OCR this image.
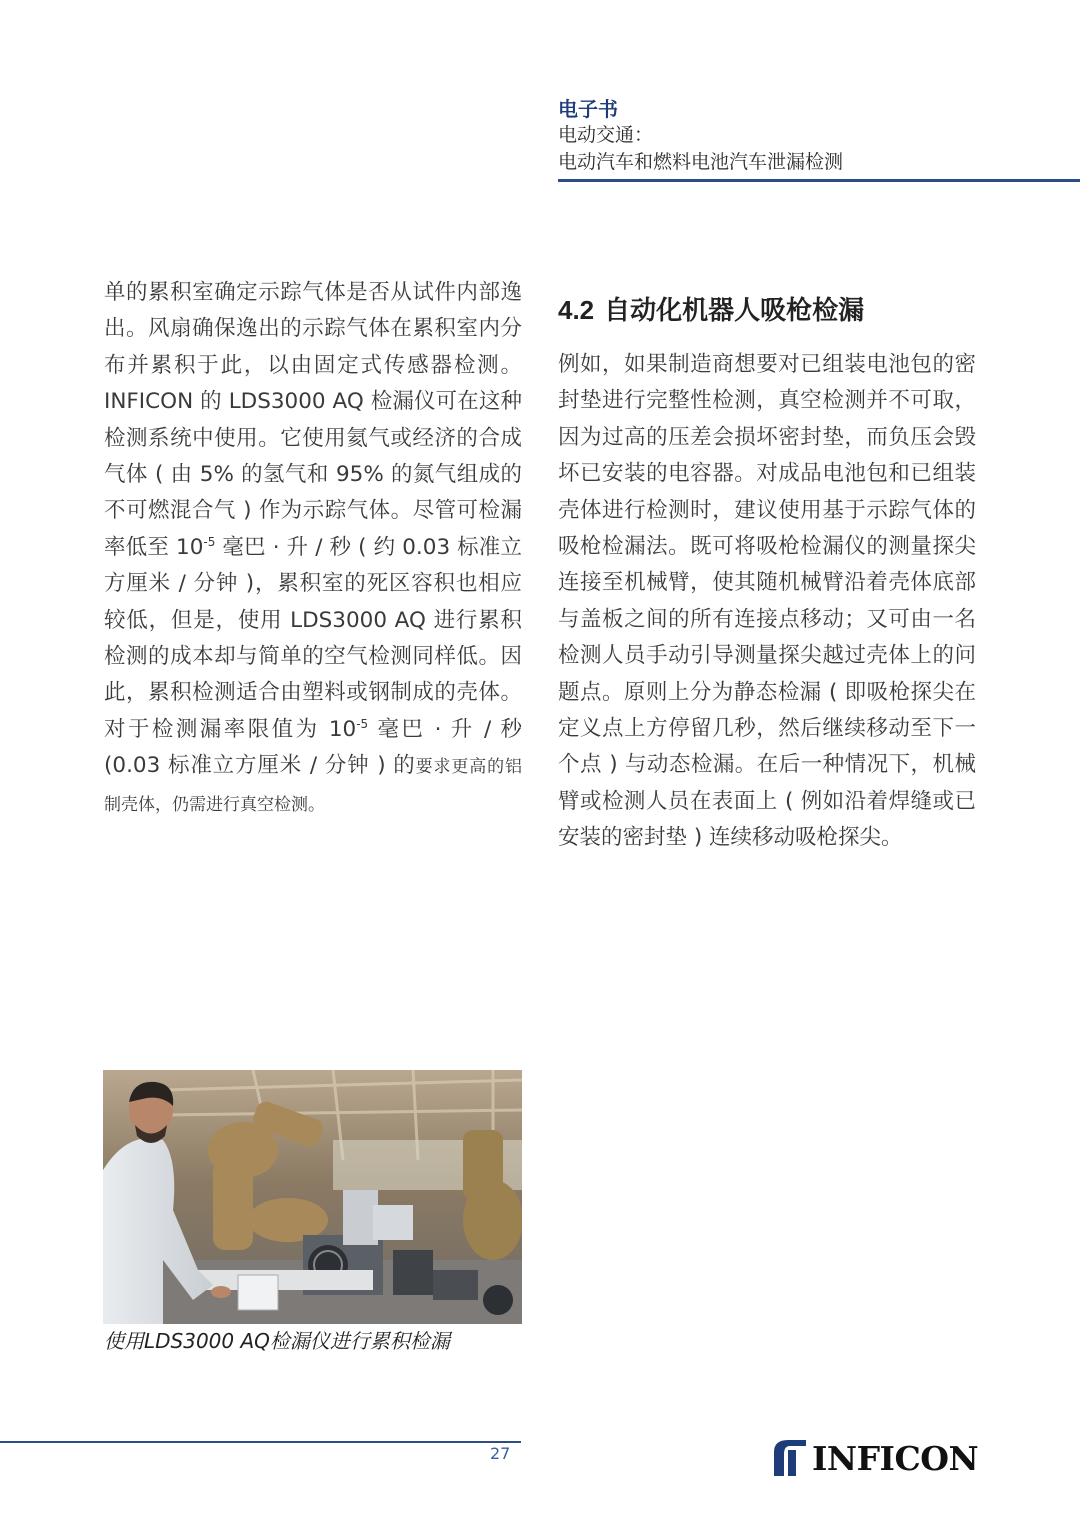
电子书
电动交通：
电动汽车和燃料电池汽车泄漏检测

单的累积室确定示踪气体是否从试件内部逸出。风扇确保逸出的示踪气体在累积室内分布并累积于此，以由固定式传感器检测。INFICON 的 LDS3000 AQ 检漏仪可在这种检测系统中使用。它使用氦气或经济的合成气体 ( 由 5% 的氢气和 95% 的氮气组成的不可燃混合气 ) 作为示踪气体。尽管可检漏率低至 $10^{-5}$ 毫巴 · 升 / 秒 ( 约 0.03 标准立方厘米 / 分钟 )，累积室的死区容积也相应较低，但是，使用 LDS3000 AQ 进行累积检测的成本却与简单的空气检测同样低。因此，累积检测适合由塑料或钢制成的壳体。对于检测漏率限值为 $10^{-5}$ 毫巴 · 升 / 秒 (0.03 标准立方厘米 / 分钟 ) 的要求更高的铝制壳体，仍需进行真空检测。

4.2 自动化机器人吸枪检漏

例如，如果制造商想要对已组装电池包的密封垫进行完整性检测，真空检测并不可取，因为过高的压差会损坏密封垫，而负压会毁坏已安装的电容器。对成品电池包和已组装壳体进行检测时，建议使用基于示踪气体的吸枪检漏法。既可将吸枪检漏仪的测量探尖连接至机械臂，使其随机械臂沿着壳体底部与盖板之间的所有连接点移动；又可由一名检测人员手动引导测量探尖越过壳体上的问题点。原则上分为静态检漏 ( 即吸枪探尖在定义点上方停留几秒，然后继续移动至下一个点 ) 与动态检漏。在后一种情况下，机械臂或检测人员在表面上 ( 例如沿着焊缝或已安装的密封垫 ) 连续移动吸枪探尖。

使用LDS3000 AQ检漏仪进行累积检漏
27	INFICON
